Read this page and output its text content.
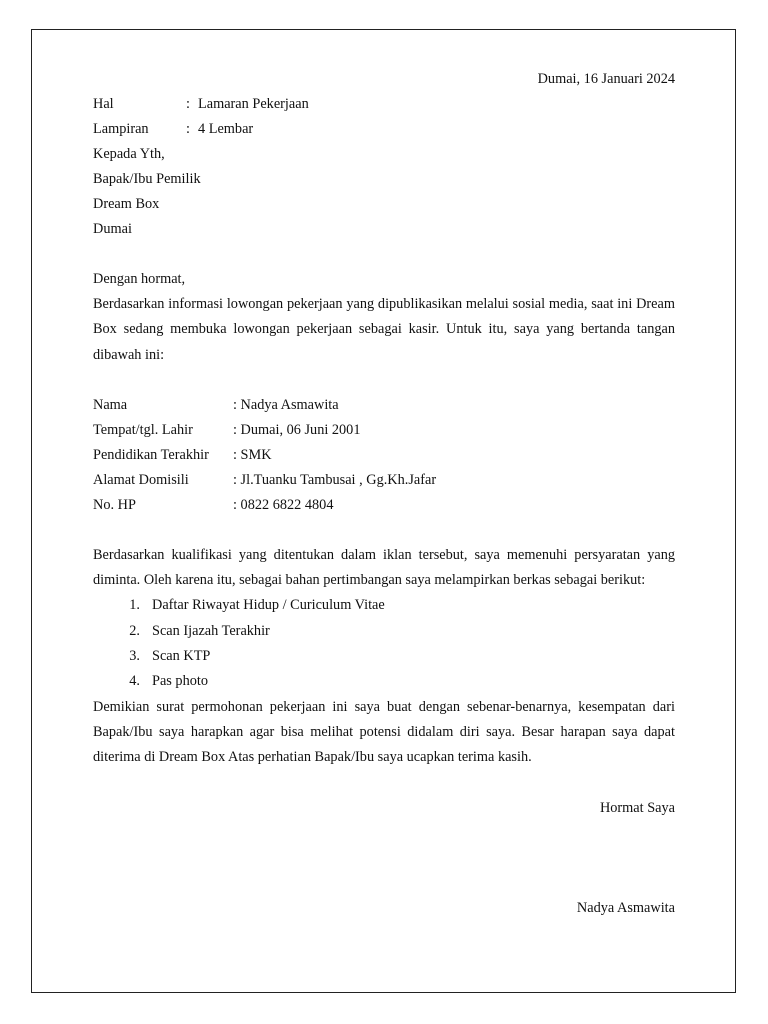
Dumai, 16 Januari 2024
Hal	: Lamaran Pekerjaan
Lampiran	: 4 Lembar
Kepada Yth,
Bapak/Ibu Pemilik
Dream Box
Dumai
Dengan hormat,

Berdasarkan informasi lowongan pekerjaan yang dipublikasikan melalui sosial media, saat ini Dream Box sedang membuka lowongan pekerjaan sebagai kasir. Untuk itu, saya yang bertanda tangan dibawah ini:

Nama	: Nadya Asmawita
Tempat/tgl. Lahir	: Dumai, 06 Juni 2001
Pendidikan Terakhir	: SMK
Alamat Domisili	: Jl.Tuanku Tambusai , Gg.Kh.Jafar
No. HP	: 0822 6822 4804

Berdasarkan kualifikasi yang ditentukan dalam iklan tersebut, saya memenuhi persyaratan yang diminta. Oleh karena itu, sebagai bahan pertimbangan saya melampirkan berkas sebagai berikut:

1. Daftar Riwayat Hidup / Curiculum Vitae
2. Scan Ijazah Terakhir
3. Scan KTP
4. Pas photo

Demikian surat permohonan pekerjaan ini saya buat dengan sebenar-benarnya, kesempatan dari Bapak/Ibu saya harapkan agar bisa melihat potensi didalam diri saya. Besar harapan saya dapat diterima di Dream Box Atas perhatian Bapak/Ibu saya ucapkan terima kasih.

Hormat Saya
Nadya Asmawita
